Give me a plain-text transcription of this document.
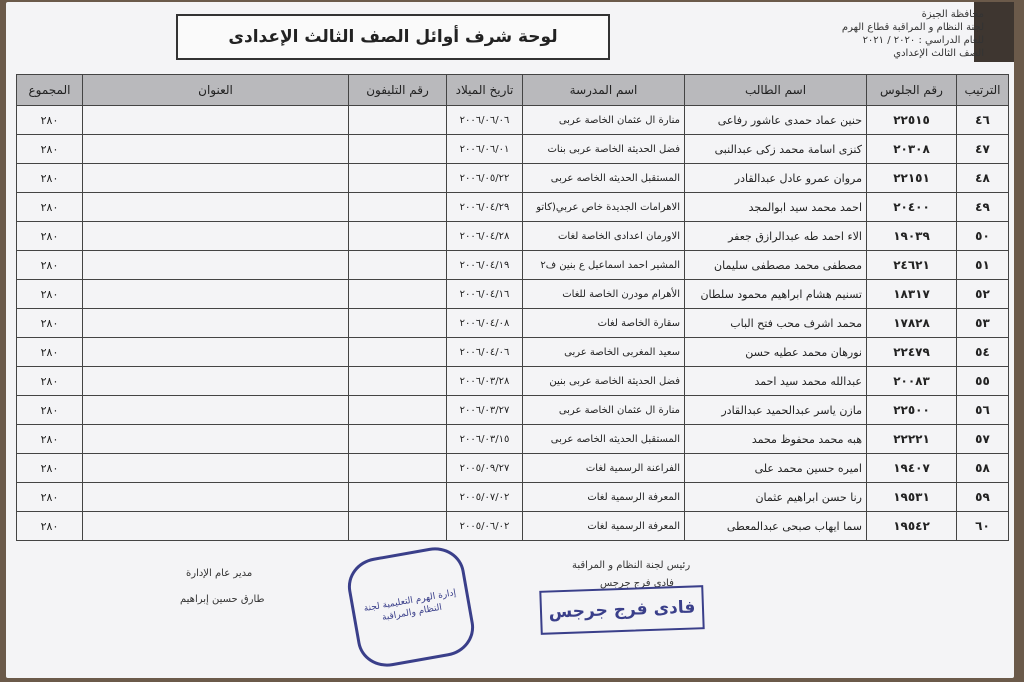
محافظة الجيزة
لجنة النظام و المراقبة قطاع الهرم
للعام الدراسي : ٢٠٢٠ / ٢٠٢١
الصف الثالث الإعدادي
لوحة شرف أوائل الصف الثالث الإعدادى
الترتيب	رقم الجلوس	اسم الطالب	اسم المدرسة	تاريخ الميلاد	رقم التليفون	العنوان	المجموع
٤٦	٢٢٥١٥	حنين عماد حمدى عاشور رفاعى	منارة ال عثمان الخاصة عربى	٢٠٠٦/٠٦/٠٦			٢٨٠
٤٧	٢٠٣٠٨	كنزى اسامة محمد زكى عبدالنبى	فضل الحديثة الخاصة عربى بنات	٢٠٠٦/٠٦/٠١			٢٨٠
٤٨	٢٢١٥١	مروان عمرو عادل عبدالقادر	المستقبل الحديثه الخاصه عربى	٢٠٠٦/٠٥/٢٢			٢٨٠
٤٩	٢٠٤٠٠	احمد محمد سيد ابوالمجد	الاهرامات الجديدة خاص عربي(كاتو	٢٠٠٦/٠٤/٢٩			٢٨٠
٥٠	١٩٠٣٩	الاء احمد طه عبدالرازق جعفر	الاورمان اعدادى الخاصة لغات	٢٠٠٦/٠٤/٢٨			٢٨٠
٥١	٢٤٦٢١	مصطفى محمد مصطفى سليمان	المشير احمد اسماعيل ع بنين ف٢	٢٠٠٦/٠٤/١٩			٢٨٠
٥٢	١٨٣١٧	تسنيم هشام ابراهيم محمود سلطان	الأهرام مودرن الخاصة للغات	٢٠٠٦/٠٤/١٦			٢٨٠
٥٣	١٧٨٢٨	محمد اشرف محب فتح الباب	سقارة الخاصة لغات	٢٠٠٦/٠٤/٠٨			٢٨٠
٥٤	٢٢٤٧٩	نورهان محمد عطيه حسن	سعيد المغربى الخاصة عربى	٢٠٠٦/٠٤/٠٦			٢٨٠
٥٥	٢٠٠٨٣	عبدالله محمد سيد احمد	فضل الحديثة الخاصة عربى بنين	٢٠٠٦/٠٣/٢٨			٢٨٠
٥٦	٢٢٥٠٠	مازن ياسر عبدالحميد عبدالقادر	منارة ال عثمان الخاصة عربى	٢٠٠٦/٠٣/٢٧			٢٨٠
٥٧	٢٢٢٢١	هبه محمد محفوظ محمد	المستقبل الحديثه الخاصه عربى	٢٠٠٦/٠٣/١٥			٢٨٠
٥٨	١٩٤٠٧	اميره حسين محمد على	الفراعنة الرسمية لغات	٢٠٠٥/٠٩/٢٧			٢٨٠
٥٩	١٩٥٣١	رنا حسن ابراهيم عثمان	المعرفة الرسمية لغات	٢٠٠٥/٠٧/٠٢			٢٨٠
٦٠	١٩٥٤٢	سما ايهاب صبحى عبدالمعطى	المعرفة الرسمية لغات	٢٠٠٥/٠٦/٠٢			٢٨٠
رئيس لجنة النظام و المراقبة
فادى فرج جرجس
فادى فرج جرجس
إدارة الهرم التعليمية لجنة النظام والمراقبة
مدير عام الإدارة
طارق حسين إبراهيم
